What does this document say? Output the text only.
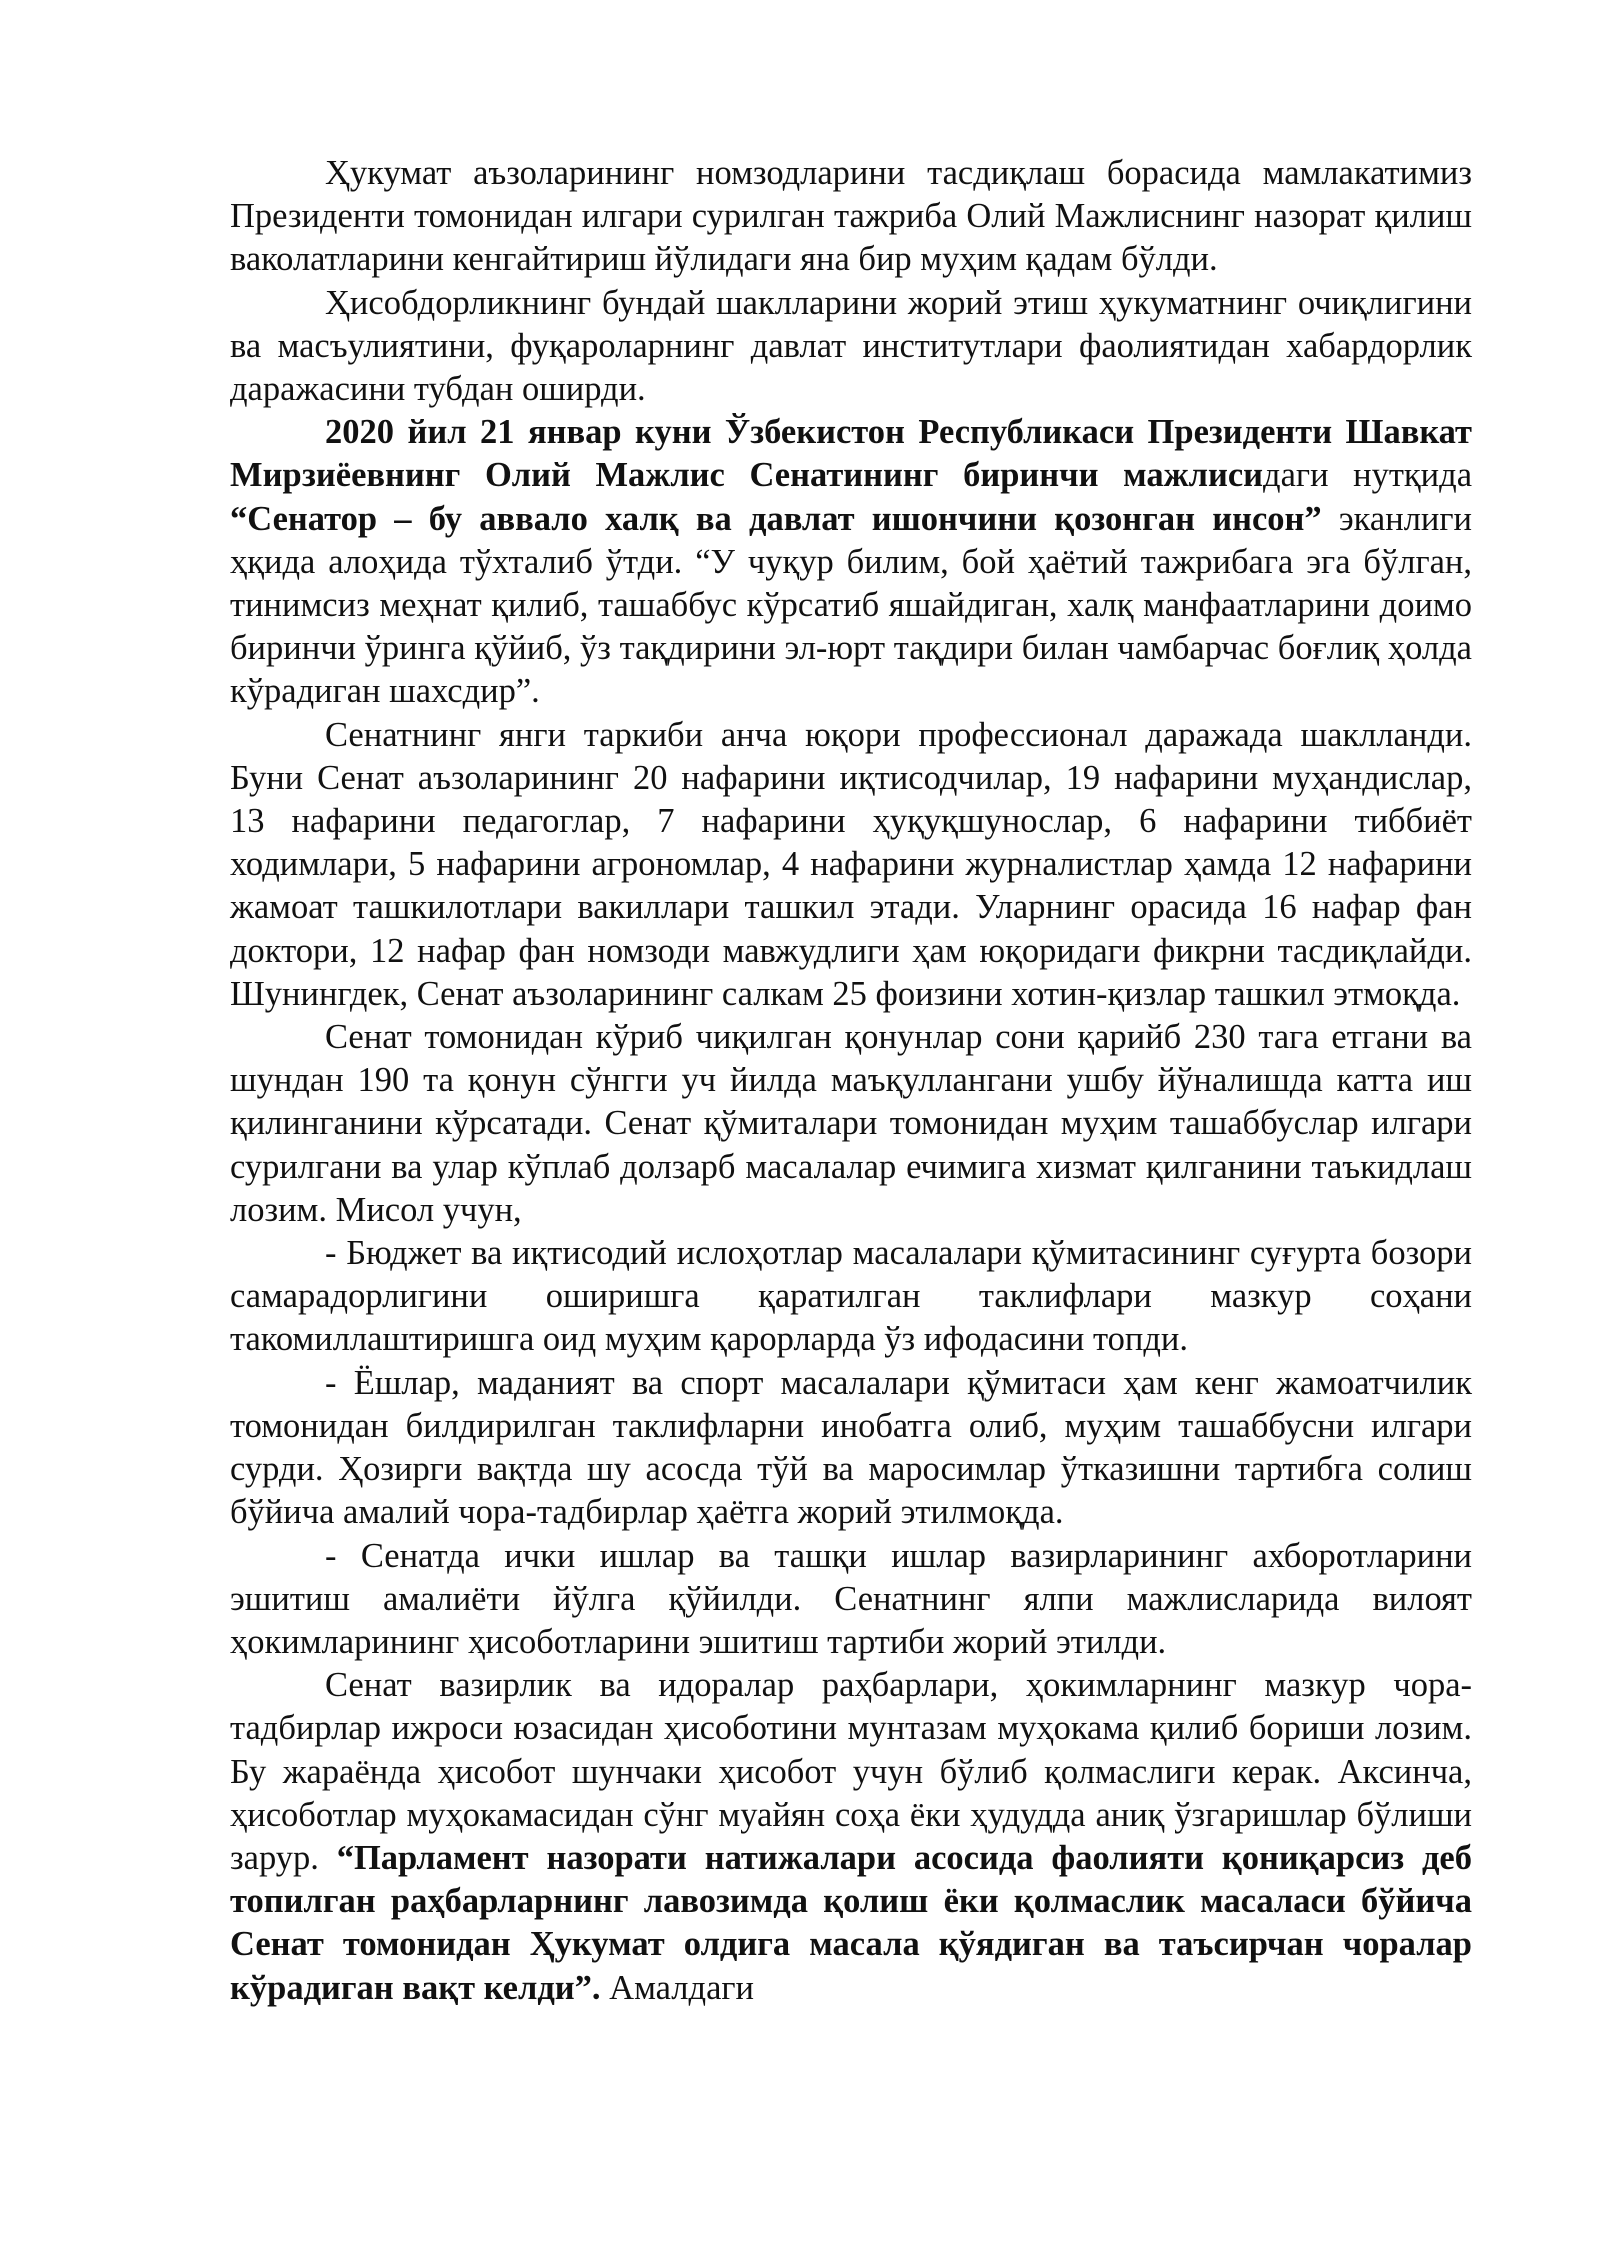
Ҳукумат аъзоларининг номзодларини тасдиқлаш борасида мамлакатимиз Президенти томонидан илгари сурилган тажриба Олий Мажлиснинг назорат қилиш ваколатларини кенгайтириш йўлидаги яна бир муҳим қадам бўлди.

Ҳисобдорликнинг бундай шаклларини жорий этиш ҳукуматнинг очиқлигини ва масъулиятини, фуқароларнинг давлат институтлари фаолиятидан хабардорлик даражасини тубдан оширди.

2020 йил 21 январ куни Ўзбекистон Республикаси Президенти Шавкат Мирзиёевнинг Олий Мажлис Сенатининг биринчи мажлисидаги нутқида “Сенатор – бу аввало халқ ва давлат ишончини қозонган инсон” эканлиги ҳқида алоҳида тўхталиб ўтди. “У чуқур билим, бой ҳаётий тажрибага эга бўлган, тинимсиз меҳнат қилиб, ташаббус кўрсатиб яшайдиган, халқ манфаатларини доимо биринчи ўринга қўйиб, ўз тақдирини эл-юрт тақдири билан чамбарчас боғлиқ ҳолда кўрадиган шахсдир”.

Сенатнинг янги таркиби анча юқори профессионал даражада шаклланди. Буни Сенат аъзоларининг 20 нафарини иқтисодчилар, 19 нафарини муҳандислар, 13 нафарини педагоглар, 7 нафарини ҳуқуқшунослар, 6 нафарини тиббиёт ходимлари, 5 нафарини агрономлар, 4 нафарини журналистлар ҳамда 12 нафарини жамоат ташкилотлари вакиллари ташкил этади. Уларнинг орасида 16 нафар фан доктори, 12 нафар фан номзоди мавжудлиги ҳам юқоридаги фикрни тасдиқлайди. Шунингдек, Сенат аъзоларининг салкам 25 фоизини хотин-қизлар ташкил этмоқда.

Сенат томонидан кўриб чиқилган қонунлар сони қарийб 230 тага етгани ва шундан 190 та қонун сўнгги уч йилда маъқуллангани ушбу йўналишда катта иш қилинганини кўрсатади. Сенат қўмиталари томонидан муҳим ташаббуслар илгари сурилгани ва улар кўплаб долзарб масалалар ечимига хизмат қилганини таъкидлаш лозим. Мисол учун,

- Бюджет ва иқтисодий ислоҳотлар масалалари қўмитасининг суғурта бозори самарадорлигини оширишга қаратилган таклифлари мазкур соҳани такомиллаштиришга оид муҳим қарорларда ўз ифодасини топди.

- Ёшлар, маданият ва спорт масалалари қўмитаси ҳам кенг жамоатчилик томонидан билдирилган таклифларни инобатга олиб, муҳим ташаббусни илгари сурди. Ҳозирги вақтда шу асосда тўй ва маросимлар ўтказишни тартибга солиш бўйича амалий чора-тадбирлар ҳаётга жорий этилмоқда.

- Сенатда ички ишлар ва ташқи ишлар вазирларининг ахборотларини эшитиш амалиёти йўлга қўйилди. Сенатнинг ялпи мажлисларида вилоят ҳокимларининг ҳисоботларини эшитиш тартиби жорий этилди.

Сенат вазирлик ва идоралар раҳбарлари, ҳокимларнинг мазкур чора-тадбирлар ижроси юзасидан ҳисоботини мунтазам муҳокама қилиб бориши лозим. Бу жараёнда ҳисобот шунчаки ҳисобот учун бўлиб қолмаслиги керак. Аксинча, ҳисоботлар муҳокамасидан сўнг муайян соҳа ёки ҳудудда аниқ ўзгаришлар бўлиши зарур. “Парламент назорати натижалари асосида фаолияти қониқарсиз деб топилган раҳбарларнинг лавозимда қолиш ёки қолмаслик масаласи бўйича Сенат томонидан Ҳукумат олдига масала қўядиган ва таъсирчан чоралар кўрадиган вақт келди”. Амалдаги
